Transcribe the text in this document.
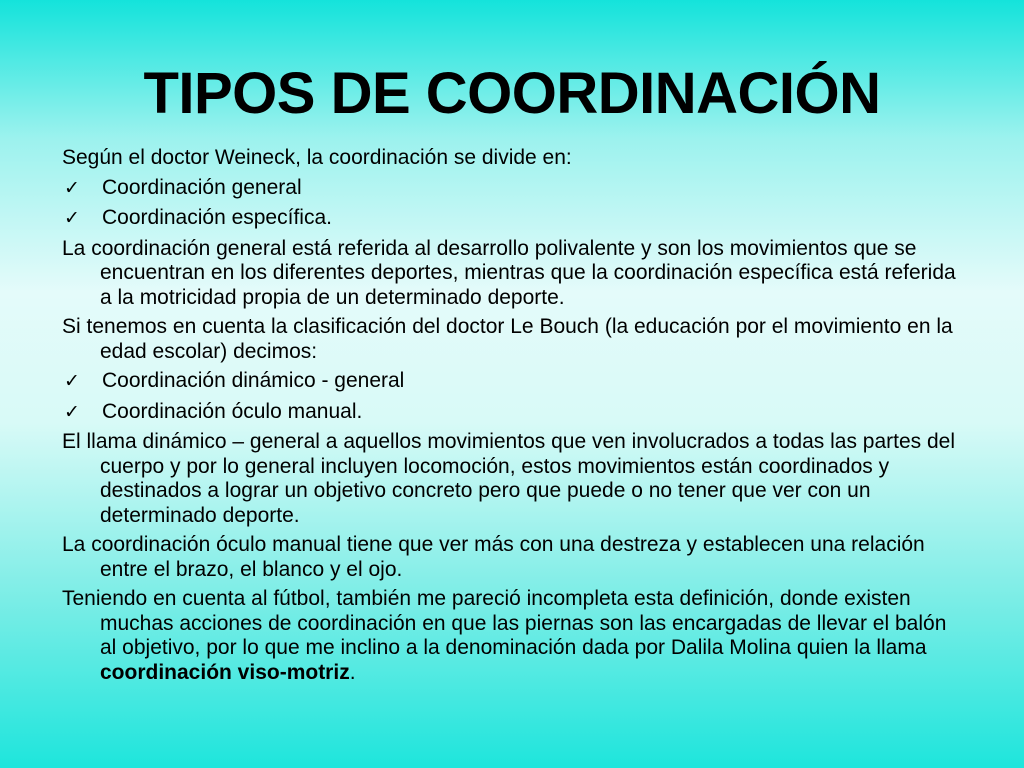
TIPOS DE COORDINACIÓN

Según el doctor Weineck, la coordinación se divide en:

✓ Coordinación general
✓ Coordinación específica.

La coordinación general está referida al desarrollo polivalente y son los movimientos que se encuentran en los diferentes deportes, mientras que la coordinación específica está referida a la motricidad propia de un determinado deporte.

Si tenemos en cuenta la clasificación del doctor Le Bouch (la educación por el movimiento en la edad escolar) decimos:

✓ Coordinación dinámico - general
✓ Coordinación óculo manual.

El llama dinámico – general a aquellos movimientos que ven involucrados a todas las partes del cuerpo y por lo general incluyen locomoción, estos movimientos están coordinados y destinados a lograr un objetivo concreto pero que puede o no tener que ver con un determinado deporte.

La coordinación óculo manual tiene que ver más con una destreza y establecen una relación entre el brazo, el blanco y el ojo.

Teniendo en cuenta al fútbol, también me pareció incompleta esta definición, donde existen muchas acciones de coordinación en que las piernas son las encargadas de llevar el balón al objetivo, por lo que me inclino a la denominación dada por Dalila Molina quien la llama coordinación viso-motriz.
